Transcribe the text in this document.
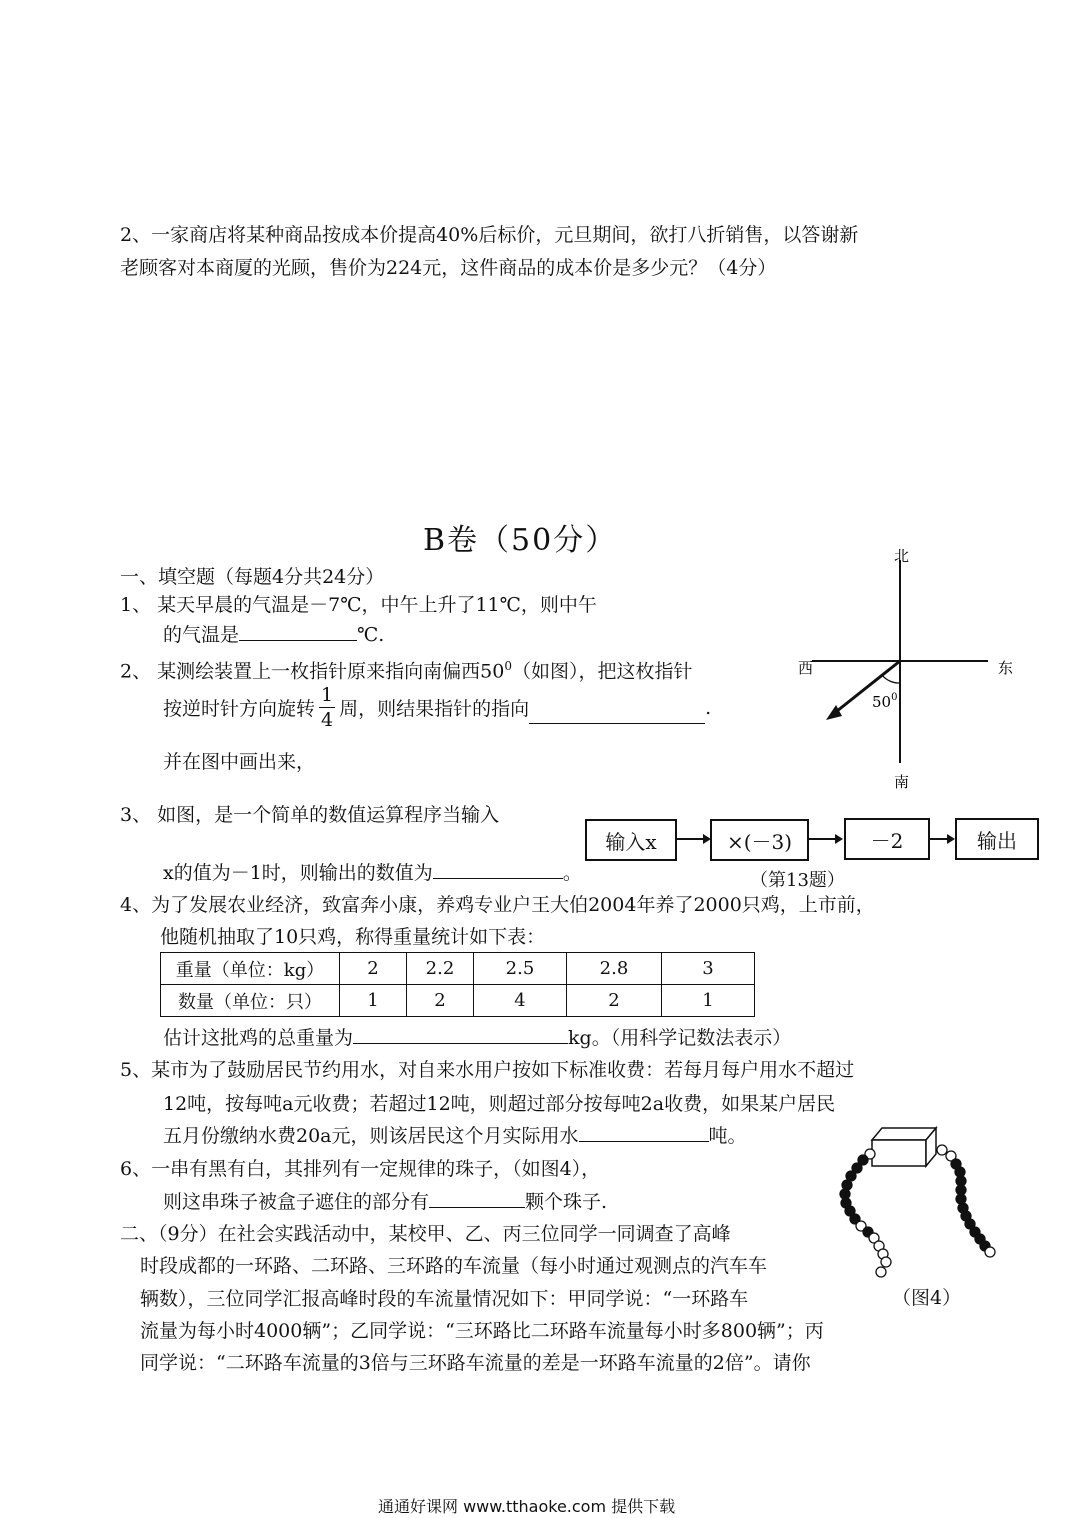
2、一家商店将某种商品按成本价提高40%后标价，元旦期间，欲打八折销售，以答谢新
老顾客对本商厦的光顾，售价为224元，这件商品的成本价是多少元？（4分）
B卷（50分）
一、填空题（每题4分共24分）
1、 某天早晨的气温是－7℃，中午上升了11℃，则中午
的气温是	℃.
2、 某测绘装置上一枚指针原来指向南偏西$50^0$（如图），把这枚指针
按逆时针方向旋转 $\frac{1}{4}$ 周，则结果指针的指向	.
并在图中画出来，
北
南
西	东
$50^0$
3、 如图，是一个简单的数值运算程序当输入
x的值为－1时，则输出的数值为	。
输入x	×(－3)	－2	输出
（第13题）
4、为了发展农业经济，致富奔小康，养鸡专业户王大伯2004年养了2000只鸡，上市前，
他随机抽取了10只鸡，称得重量统计如下表：
重量（单位：kg）	2	2.2	2.5	2.8	3
数量（单位：只）	1	2	4	2	1
估计这批鸡的总重量为	kg。（用科学记数法表示）
5、某市为了鼓励居民节约用水，对自来水用户按如下标准收费：若每月每户用水不超过
12吨，按每吨a元收费；若超过12吨，则超过部分按每吨2a收费，如果某户居民
五月份缴纳水费20a元，则该居民这个月实际用水	吨。
6、一串有黑有白，其排列有一定规律的珠子，（如图4），
则这串珠子被盒子遮住的部分有	颗个珠子.
（图4）
二、（9分）在社会实践活动中，某校甲、乙、丙三位同学一同调查了高峰
时段成都的一环路、二环路、三环路的车流量（每小时通过观测点的汽车车
辆数），三位同学汇报高峰时段的车流量情况如下：甲同学说：“一环路车
流量为每小时4000辆”；乙同学说：“三环路比二环路车流量每小时多800辆”；丙
同学说：“二环路车流量的3倍与三环路车流量的差是一环路车流量的2倍”。请你
通通好课网 www.tthaoke.com 提供下载
